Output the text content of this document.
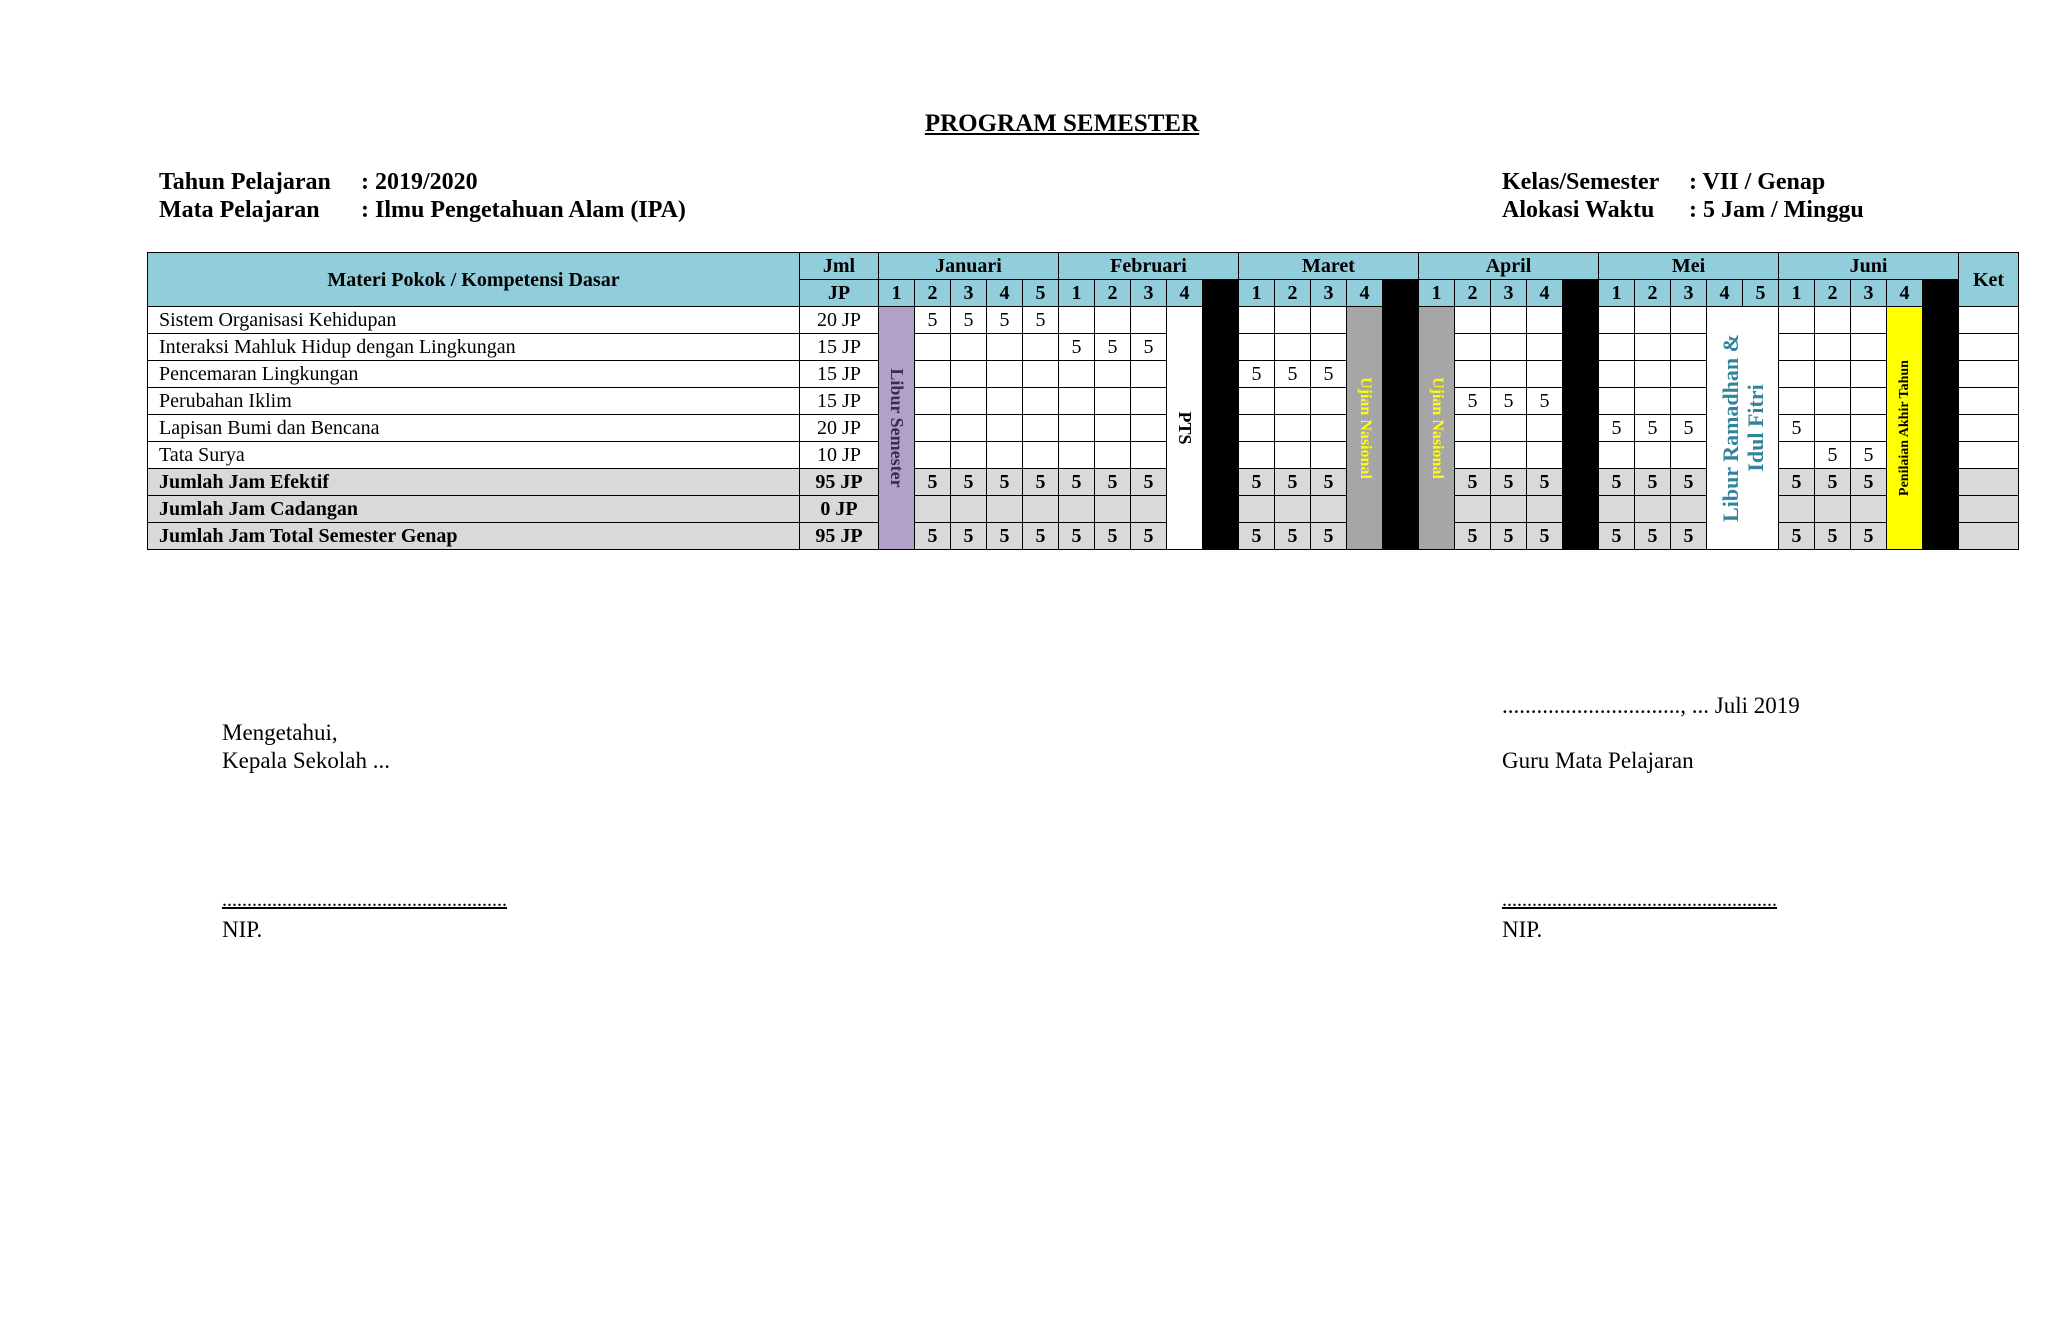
PROGRAM SEMESTER
Tahun Pelajaran : 2019/2020
Mata Pelajaran : Ilmu Pengetahuan Alam (IPA)
Kelas/Semester : VII / Genap
Alokasi Waktu : 5 Jam / Minggu
Materi Pokok / Kompetensi Dasar	Jml	Januari					Februari					Maret					April					Mei					Juni					Ket
	JP	1	2	3	4	5	1	2	3	4		1	2	3	4		1	2	3	4		1	2	3	4	5	1	2	3	4		
Sistem Organisasi Kehidupan	20 JP	Libur Semester	5	5	5	5				PTS					Ujian Nasional		Ujian Nasional								Libur Ramadhan & Idul Fitri					Penilaian Akhir Tahun		

Interaksi Mahluk Hidup dengan Lingkungan	15 JP						5	5	5																							
Pencemaran Lingkungan	15 JP											5	5	5																		
Perubahan Iklim	15 JP																	5	5	5												
Lapisan Bumi dan Bencana	20 JP																					5	5	5			5					
Tata Surya	10 JP																											5	5			
Jumlah Jam Efektif	95 JP		5	5	5	5	5	5	5			5	5	5				5	5	5		5	5	5			5	5	5			
Jumlah Jam Cadangan	0 JP																															
Jumlah Jam Total Semester Genap	95 JP		5	5	5	5	5	5	5			5	5	5				5	5	5		5	5	5			5	5	5			
Mengetahui,
Kepala Sekolah ...
.........................................................
NIP.
..............................., ... Juli 2019
Guru Mata Pelajaran
.......................................................
NIP.
